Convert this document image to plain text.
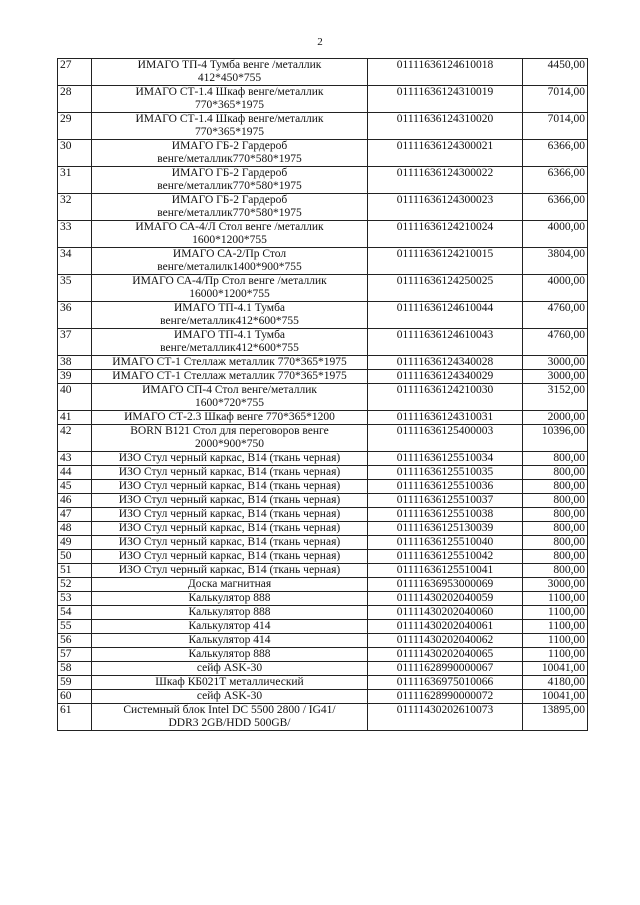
2
27	ИМАГО ТП-4 Тумба венге /металлик
412*450*755	01111636124610018	4450,00
28	ИМАГО СТ-1.4 Шкаф венге/металлик
770*365*1975	01111636124310019	7014,00
29	ИМАГО СТ-1.4 Шкаф венге/металлик
770*365*1975	01111636124310020	7014,00
30	ИМАГО ГБ-2 Гардероб
венге/металлик770*580*1975	01111636124300021	6366,00
31	ИМАГО ГБ-2 Гардероб
венге/металлик770*580*1975	01111636124300022	6366,00
32	ИМАГО ГБ-2 Гардероб
венге/металлик770*580*1975	01111636124300023	6366,00
33	ИМАГО СА-4/Л Стол венге /металлик
1600*1200*755	01111636124210024	4000,00
34	ИМАГО СА-2/Пр Стол
венге/металилк1400*900*755	01111636124210015	3804,00
35	ИМАГО СА-4/Пр Стол венге /металлик
16000*1200*755	01111636124250025	4000,00
36	ИМАГО ТП-4.1 Тумба
венге/металлик412*600*755	01111636124610044	4760,00
37	ИМАГО ТП-4.1 Тумба
венге/металлик412*600*755	01111636124610043	4760,00
38	ИМАГО СТ-1 Стеллаж металлик 770*365*1975	01111636124340028	3000,00
39	ИМАГО СТ-1 Стеллаж металлик 770*365*1975	01111636124340029	3000,00
40	ИМАГО СП-4 Стол венге/металлик
1600*720*755	01111636124210030	3152,00
41	ИМАГО СТ-2.3 Шкаф венге 770*365*1200	01111636124310031	2000,00
42	BORN B121 Стол для переговоров венге
2000*900*750	01111636125400003	10396,00
43	ИЗО Стул черный каркас, В14 (ткань черная)	01111636125510034	800,00
44	ИЗО Стул черный каркас, В14 (ткань черная)	01111636125510035	800,00
45	ИЗО Стул черный каркас, В14 (ткань черная)	01111636125510036	800,00
46	ИЗО Стул черный каркас, В14 (ткань черная)	01111636125510037	800,00
47	ИЗО Стул черный каркас, В14 (ткань черная)	01111636125510038	800,00
48	ИЗО Стул черный каркас, В14 (ткань черная)	01111636125130039	800,00
49	ИЗО Стул черный каркас, В14 (ткань черная)	01111636125510040	800,00
50	ИЗО Стул черный каркас, В14 (ткань черная)	01111636125510042	800,00
51	ИЗО Стул черный каркас, В14 (ткань черная)	01111636125510041	800,00
52	Доска магнитная	01111636953000069	3000,00
53	Калькулятор 888	01111430202040059	1100,00
54	Калькулятор 888	01111430202040060	1100,00
55	Калькулятор 414	01111430202040061	1100,00
56	Калькулятор 414	01111430202040062	1100,00
57	Калькулятор 888	01111430202040065	1100,00
58	сейф ASK-30	01111628990000067	10041,00
59	Шкаф КБ021Т металлический	01111636975010066	4180,00
60	сейф ASK-30	01111628990000072	10041,00
61	Системный блок Intel DC 5500 2800 / IG41/
DDR3 2GB/HDD 500GB/	01111430202610073	13895,00
